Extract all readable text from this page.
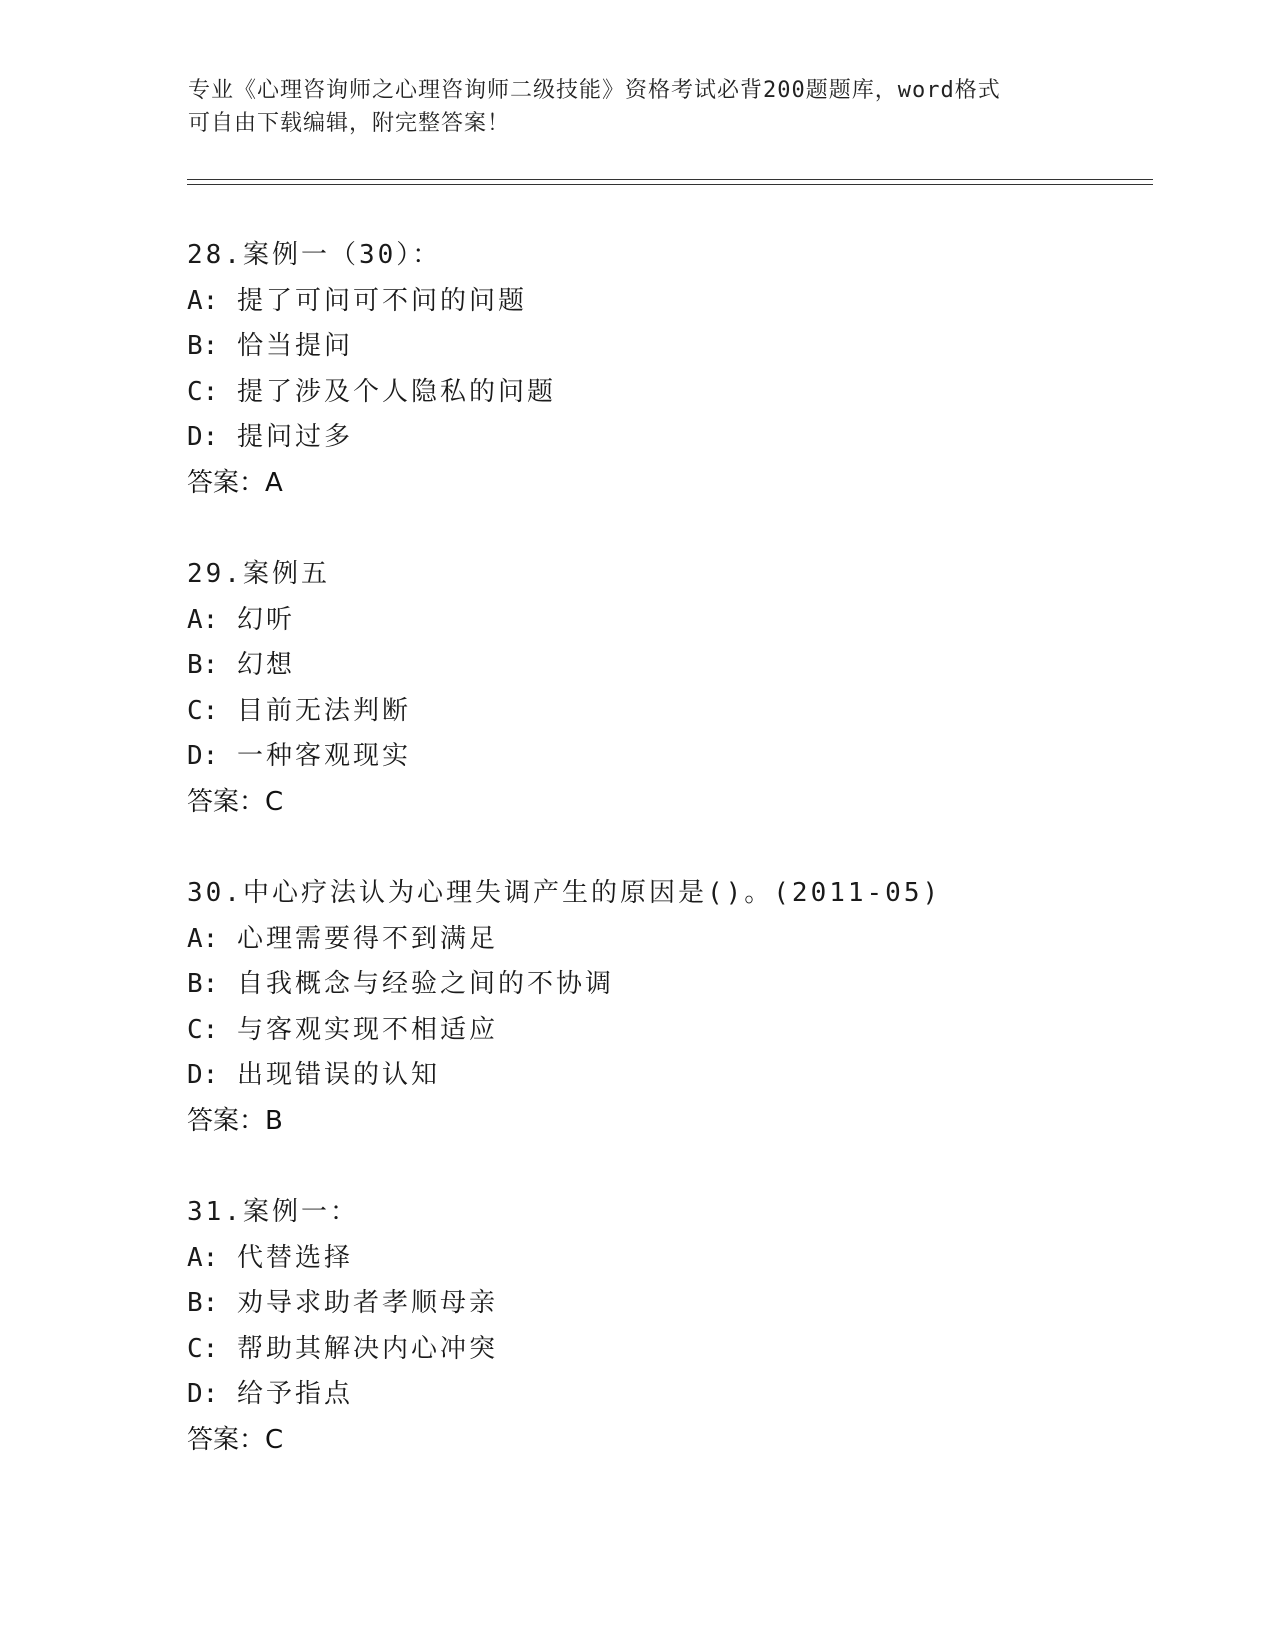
专业《心理咨询师之心理咨询师二级技能》资格考试必背200题题库，word格式
可自由下载编辑，附完整答案！
28.案例一（30）：
A: 提了可问可不问的问题
B: 恰当提问
C: 提了涉及个人隐私的问题
D: 提问过多
答案：A
29.案例五
A: 幻听
B: 幻想
C: 目前无法判断
D: 一种客观现实
答案：C
30.中心疗法认为心理失调产生的原因是()。(2011-05)
A: 心理需要得不到满足
B: 自我概念与经验之间的不协调
C: 与客观实现不相适应
D: 出现错误的认知
答案：B
31.案例一：
A: 代替选择
B: 劝导求助者孝顺母亲
C: 帮助其解决内心冲突
D: 给予指点
答案：C
